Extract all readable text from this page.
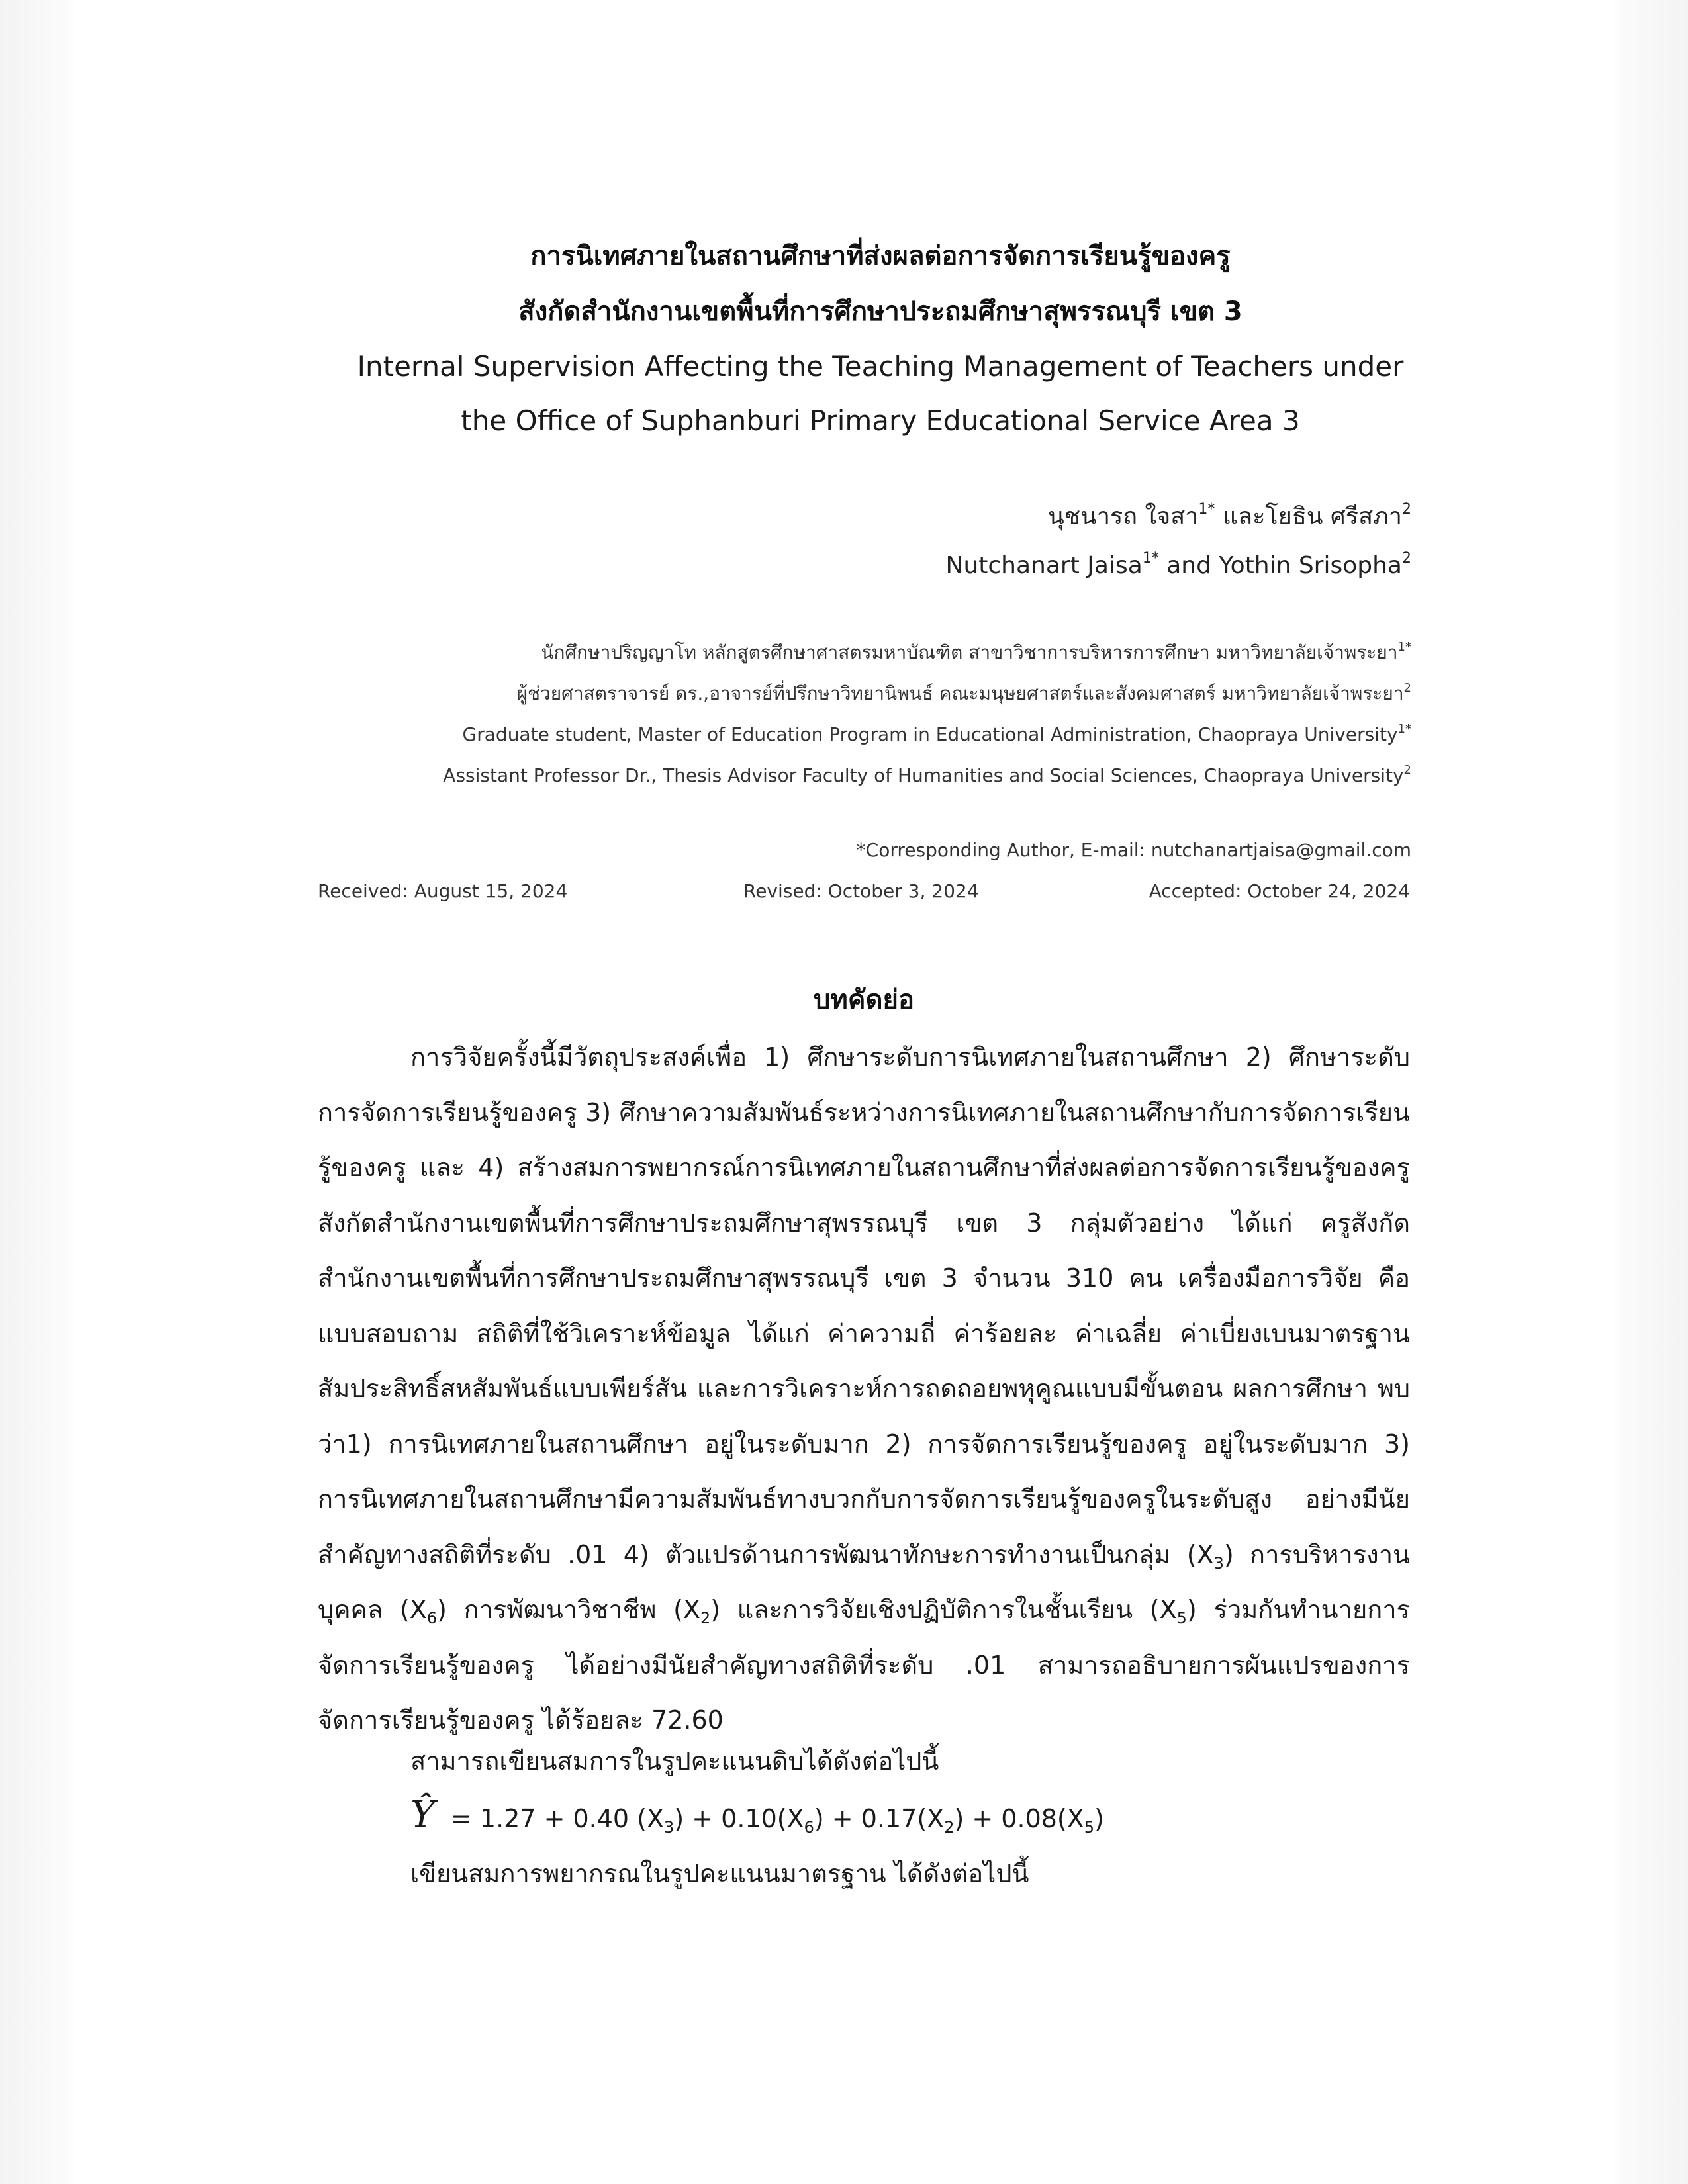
การนิเทศภายในสถานศึกษาที่ส่งผลต่อการจัดการเรียนรู้ของครู
สังกัดสำนักงานเขตพื้นที่การศึกษาประถมศึกษาสุพรรณบุรี เขต 3
Internal Supervision Affecting the Teaching Management of Teachers under
the Office of Suphanburi Primary Educational Service Area 3
นุชนารถ ใจสา$^{1*}$ และโยธิน ศรีสภา$^2$
Nutchanart Jaisa$^{1*}$ and Yothin Srisopha$^2$
นักศึกษาปริญญาโท หลักสูตรศึกษาศาสตรมหาบัณฑิต สาขาวิชาการบริหารการศึกษา มหาวิทยาลัยเจ้าพระยา$^{1*}$
ผู้ช่วยศาสตราจารย์ ดร.,อาจารย์ที่ปรึกษาวิทยานิพนธ์ คณะมนุษยศาสตร์และสังคมศาสตร์ มหาวิทยาลัยเจ้าพระยา$^2$
Graduate student, Master of Education Program in Educational Administration, Chaopraya University$^{1*}$
Assistant Professor Dr., Thesis Advisor Faculty of Humanities and Social Sciences, Chaopraya University$^2$
*Corresponding Author, E-mail: nutchanartjaisa@gmail.com
Received: August 15, 2024	Revised: October 3, 2024	Accepted: October 24, 2024
บทคัดย่อ

การวิจัยครั้งนี้มีวัตถุประสงค์เพื่อ 1) ศึกษาระดับการนิเทศภายในสถานศึกษา 2) ศึกษาระดับการจัดการเรียนรู้ของครู 3) ศึกษาความสัมพันธ์ระหว่างการนิเทศภายในสถานศึกษากับการจัดการเรียนรู้ของครู และ 4) สร้างสมการพยากรณ์การนิเทศภายในสถานศึกษาที่ส่งผลต่อการจัดการเรียนรู้ของครู สังกัดสำนักงานเขตพื้นที่การศึกษาประถมศึกษาสุพรรณบุรี เขต 3 กลุ่มตัวอย่าง ได้แก่ ครูสังกัดสำนักงานเขตพื้นที่การศึกษาประถมศึกษาสุพรรณบุรี เขต 3 จำนวน 310 คน เครื่องมือการวิจัย คือ แบบสอบถาม สถิติที่ใช้วิเคราะห์ข้อมูล ได้แก่ ค่าความถี่ ค่าร้อยละ ค่าเฉลี่ย ค่าเบี่ยงเบนมาตรฐาน สัมประสิทธิ์สหสัมพันธ์แบบเพียร์สัน และการวิเคราะห์การถดถอยพหุคูณแบบมีขั้นตอน ผลการศึกษา พบว่า1) การนิเทศภายในสถานศึกษา อยู่ในระดับมาก 2) การจัดการเรียนรู้ของครู อยู่ในระดับมาก 3) การนิเทศภายในสถานศึกษามีความสัมพันธ์ทางบวกกับการจัดการเรียนรู้ของครูในระดับสูง อย่างมีนัยสำคัญทางสถิติที่ระดับ .01 4) ตัวแปรด้านการพัฒนาทักษะการทำงานเป็นกลุ่ม $(X_3)$ การบริหารงานบุคคล $(X_6)$ การพัฒนาวิชาชีพ $(X_2)$ และการวิจัยเชิงปฏิบัติการในชั้นเรียน $(X_5)$ ร่วมกันทำนายการจัดการเรียนรู้ของครู ได้อย่างมีนัยสำคัญทางสถิติที่ระดับ .01 สามารถอธิบายการผันแปรของการจัดการเรียนรู้ของครู ได้ร้อยละ 72.60

สามารถเขียนสมการในรูปคะแนนดิบได้ดังต่อไปนี้
Ŷ = 1.27 + 0.40 $(X_3) + 0.10(X_6) + 0.17(X_2) + 0.08(X_5)$
เขียนสมการพยากรณในรูปคะแนนมาตรฐาน ได้ดังต่อไปนี้
